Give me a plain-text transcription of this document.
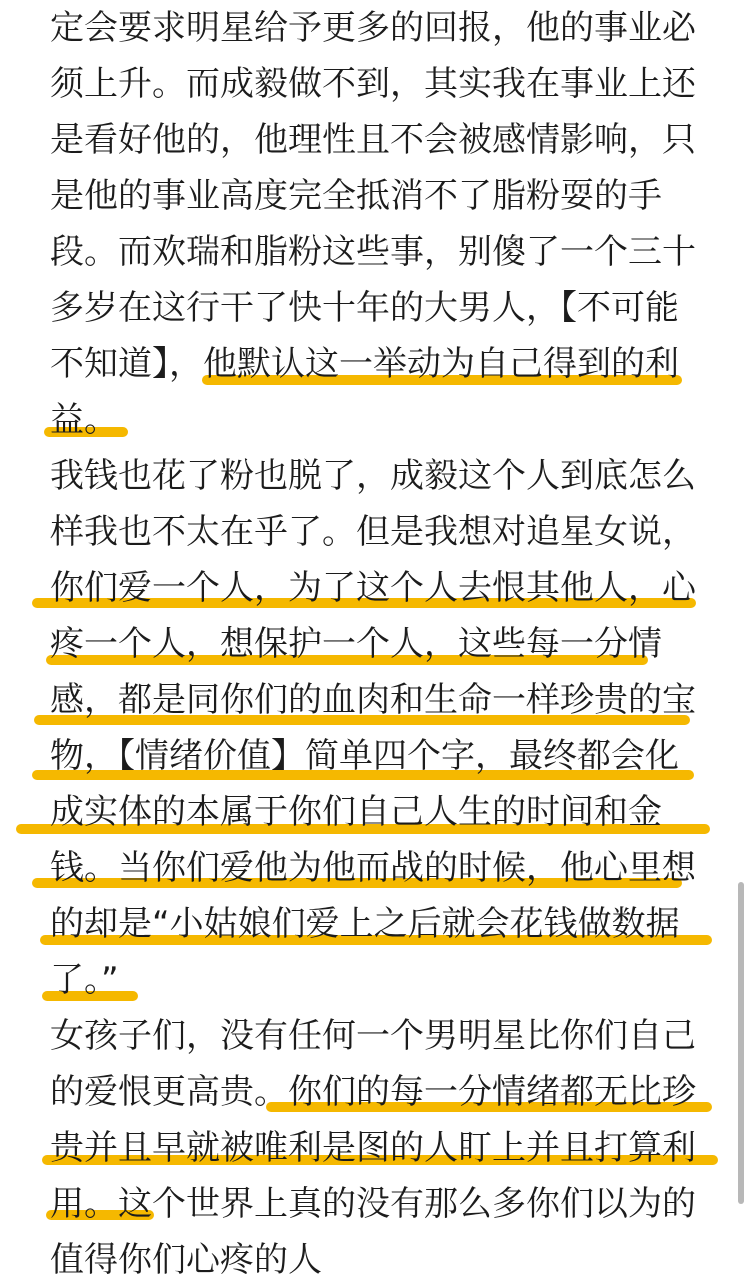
定会要求明星给予更多的回报，他的事业必
须上升。而成毅做不到，其实我在事业上还
是看好他的，他理性且不会被感情影响，只
是他的事业高度完全抵消不了脂粉耍的手
段。而欢瑞和脂粉这些事，别傻了一个三十
多岁在这行干了快十年的大男人，【不可能
不知道】，他默认这一举动为自己得到的利
益。
我钱也花了粉也脱了，成毅这个人到底怎么
样我也不太在乎了。但是我想对追星女说，
你们爱一个人，为了这个人去恨其他人，心
疼一个人，想保护一个人，这些每一分情
感，都是同你们的血肉和生命一样珍贵的宝
物，【情绪价值】简单四个字，最终都会化
成实体的本属于你们自己人生的时间和金
钱。当你们爱他为他而战的时候，他心里想
的却是“小姑娘们爱上之后就会花钱做数据
了。”
女孩子们，没有任何一个男明星比你们自己
的爱恨更高贵。你们的每一分情绪都无比珍
贵并且早就被唯利是图的人盯上并且打算利
用。这个世界上真的没有那么多你们以为的
值得你们心疼的人
